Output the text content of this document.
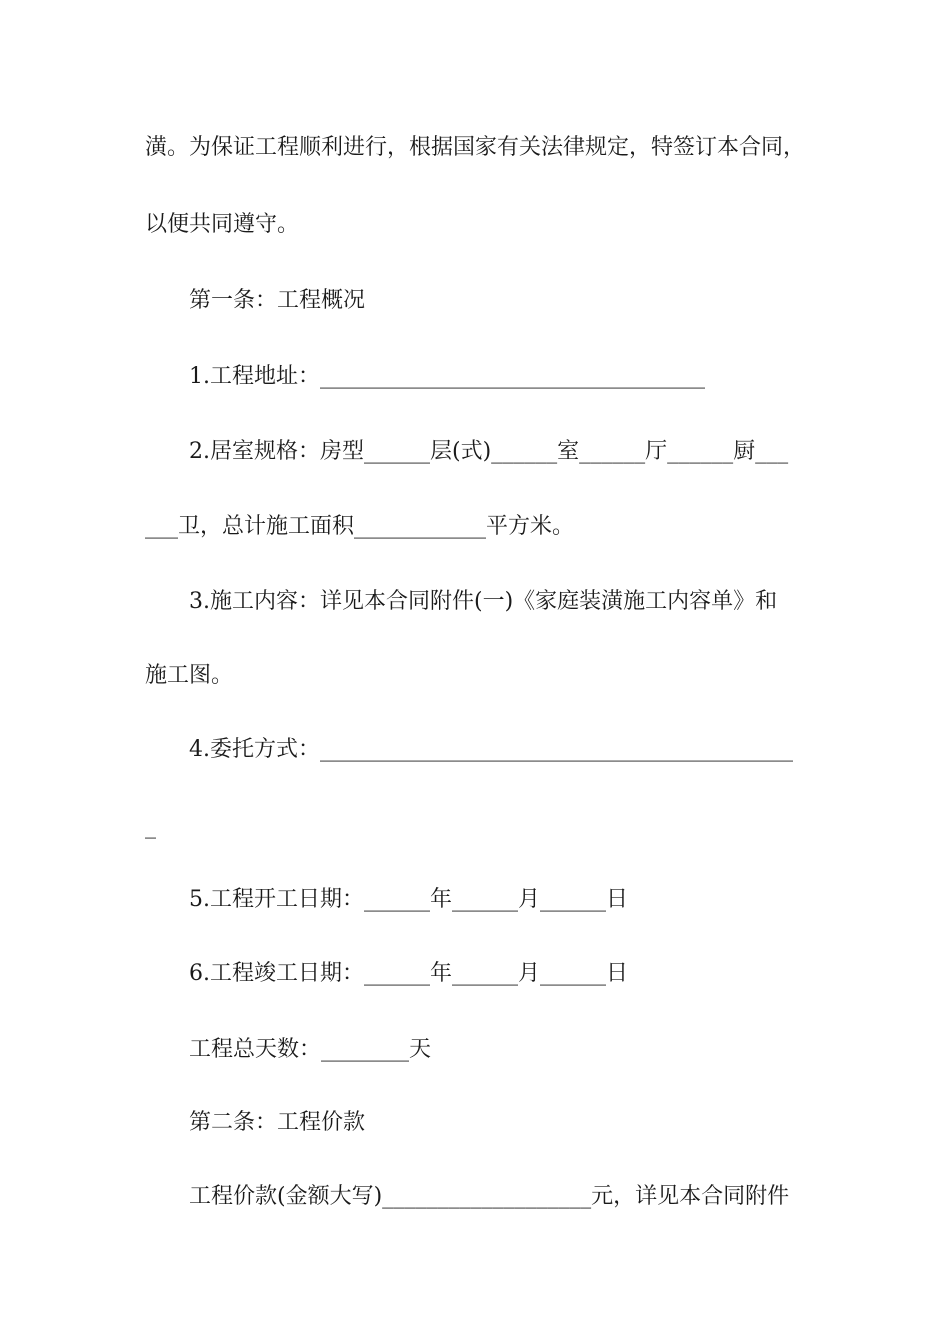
潢。为保证工程顺利进行，根据国家有关法律规定，特签订本合同，
以便共同遵守。
第一条：工程概况
1.工程地址：___________________________________
2.居室规格：房型______层(式)______室______厅______厨___
___卫，总计施工面积____________平方米。
3.施工内容：详见本合同附件(一)《家庭装潢施工内容单》和
施工图。
4.委托方式：___________________________________________
_
5.工程开工日期：______年______月______日
6.工程竣工日期：______年______月______日
工程总天数：________天
第二条：工程价款
工程价款(金额大写)___________________元，详见本合同附件
